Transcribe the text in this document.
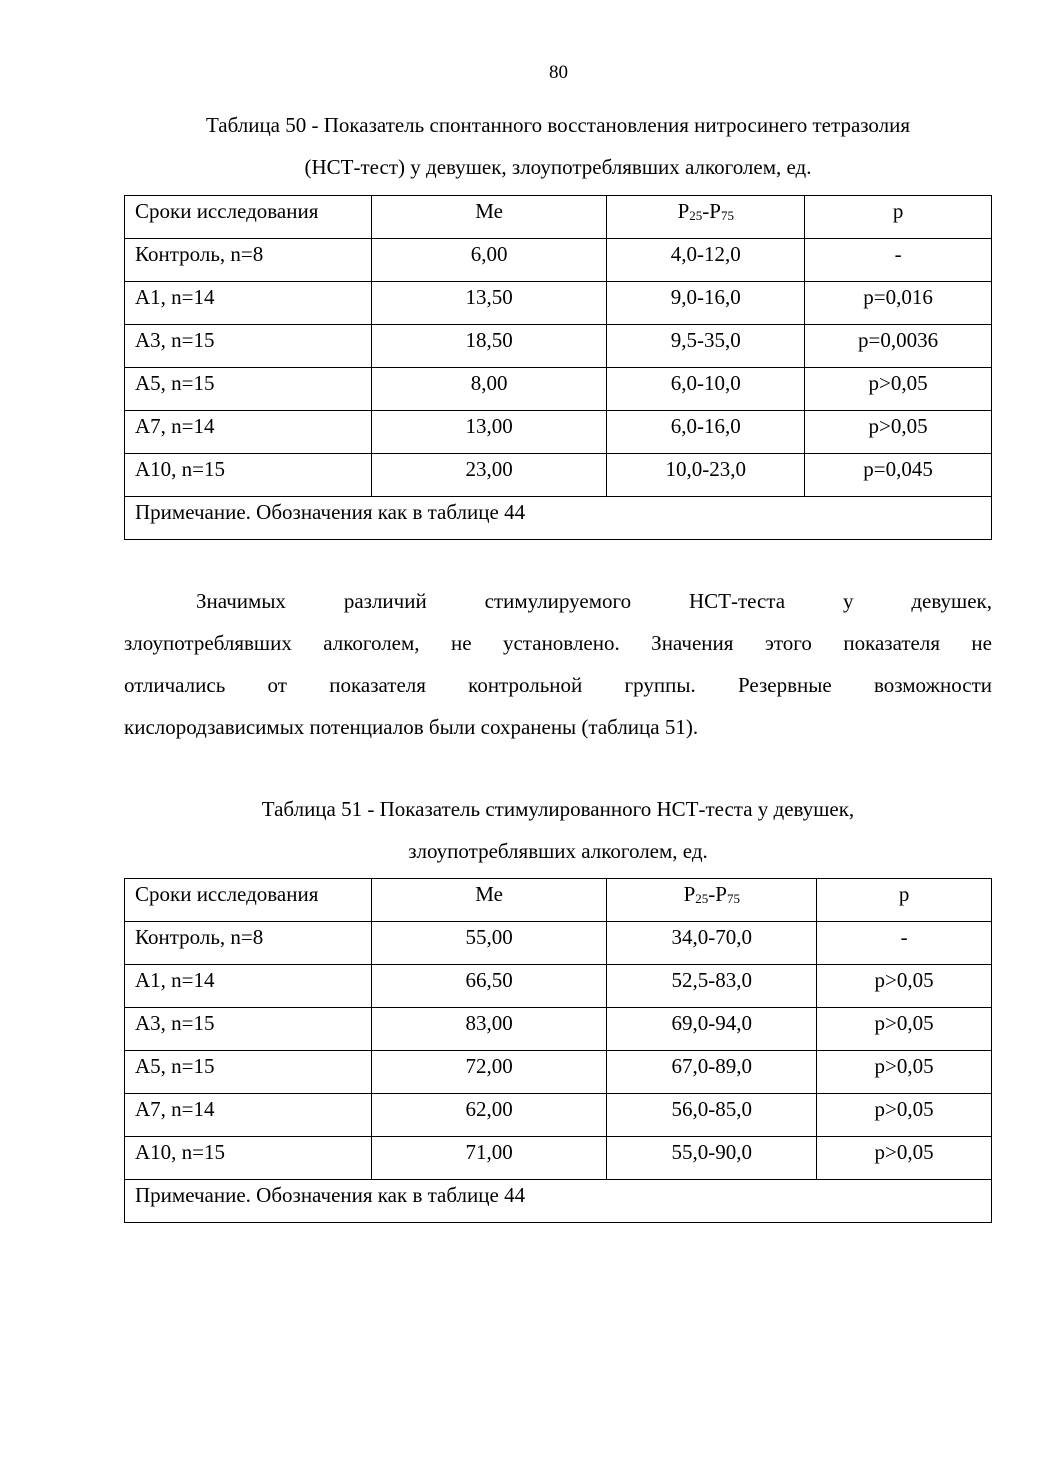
80
Таблица 50 - Показатель спонтанного восстановления нитросинего тетразолия
(НСТ-тест) у девушек, злоупотреблявших алкоголем, ед.
Сроки исследования	Ме	$Р_{25}-Р_{75}$	р
Контроль, n=8	6,00	4,0-12,0	-
А1, n=14	13,50	9,0-16,0	р=0,016
А3, n=15	18,50	9,5-35,0	р=0,0036
А5, n=15	8,00	6,0-10,0	р>0,05
А7, n=14	13,00	6,0-16,0	р>0,05
А10, n=15	23,00	10,0-23,0	р=0,045
Примечание. Обозначения как в таблице 44			
Значимых различий стимулируемого НСТ-теста у девушек,
злоупотреблявших алкоголем, не установлено. Значения этого показателя не
отличались от показателя контрольной группы. Резервные возможности
кислородзависимых потенциалов были сохранены (таблица 51).
Таблица 51 - Показатель стимулированного НСТ-теста у девушек,
злоупотреблявших алкоголем, ед.
Сроки исследования	Ме	$Р_{25}-Р_{75}$	р
Контроль, n=8	55,00	34,0-70,0	-
А1, n=14	66,50	52,5-83,0	р>0,05
А3, n=15	83,00	69,0-94,0	р>0,05
А5, n=15	72,00	67,0-89,0	р>0,05
А7, n=14	62,00	56,0-85,0	р>0,05
А10, n=15	71,00	55,0-90,0	р>0,05
Примечание. Обозначения как в таблице 44			
